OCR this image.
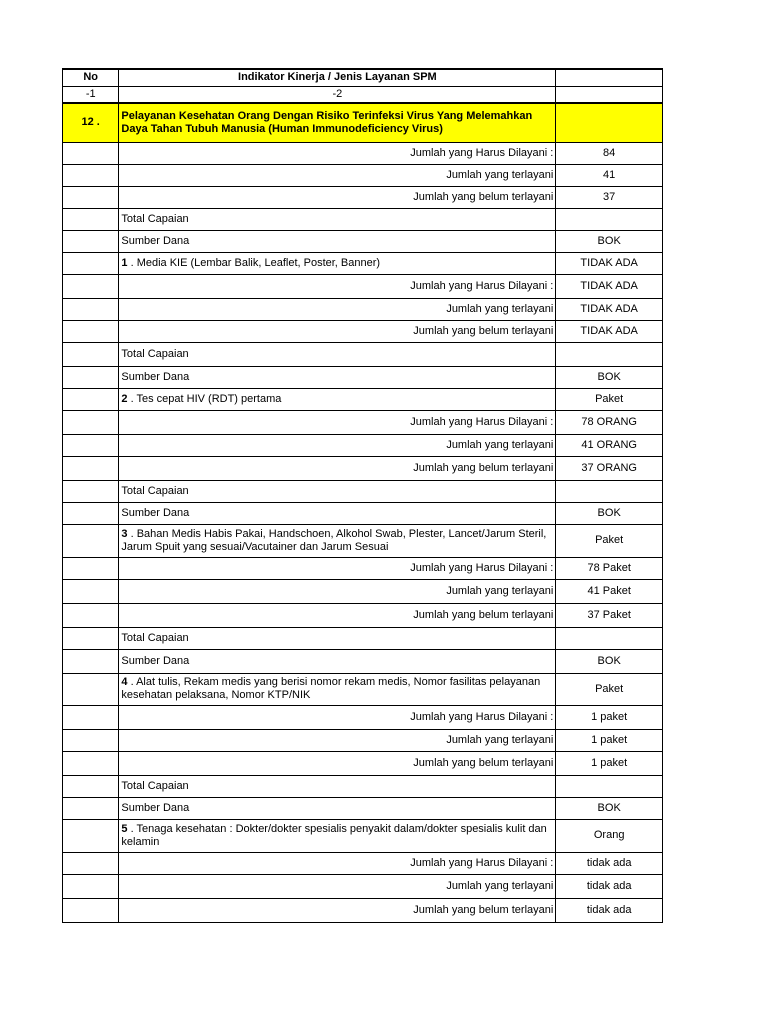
No	Indikator Kinerja / Jenis Layanan SPM	
-1	-2	
12 .	Pelayanan Kesehatan Orang Dengan Risiko Terinfeksi Virus Yang Melemahkan Daya Tahan Tubuh Manusia (Human Immunodeficiency Virus)	
	Jumlah yang Harus Dilayani :	84
	Jumlah yang terlayani	41
	Jumlah yang belum terlayani	37
	Total Capaian	
	Sumber Dana	BOK
	1 . Media KIE (Lembar Balik, Leaflet, Poster, Banner)	TIDAK ADA
	Jumlah yang Harus Dilayani :	TIDAK ADA
	Jumlah yang terlayani	TIDAK ADA
	Jumlah yang belum terlayani	TIDAK ADA
	Total Capaian	
	Sumber Dana	BOK
	2 . Tes cepat HIV (RDT) pertama	Paket
	Jumlah yang Harus Dilayani :	78 ORANG
	Jumlah yang terlayani	41 ORANG
	Jumlah yang belum terlayani	37 ORANG
	Total Capaian	
	Sumber Dana	BOK
	3 . Bahan Medis Habis Pakai, Handschoen, Alkohol Swab, Plester, Lancet/Jarum Steril, Jarum Spuit yang sesuai/Vacutainer dan Jarum Sesuai	Paket
	Jumlah yang Harus Dilayani :	78 Paket
	Jumlah yang terlayani	41 Paket
	Jumlah yang belum terlayani	37 Paket
	Total Capaian	
	Sumber Dana	BOK
	4 . Alat tulis, Rekam medis yang berisi nomor rekam medis, Nomor fasilitas pelayanan kesehatan pelaksana, Nomor KTP/NIK	Paket
	Jumlah yang Harus Dilayani :	1 paket
	Jumlah yang terlayani	1 paket
	Jumlah yang belum terlayani	1 paket
	Total Capaian	
	Sumber Dana	BOK
	5 . Tenaga kesehatan : Dokter/dokter spesialis penyakit dalam/dokter spesialis kulit dan kelamin	Orang
	Jumlah yang Harus Dilayani :	tidak ada
	Jumlah yang terlayani	tidak ada
	Jumlah yang belum terlayani	tidak ada
